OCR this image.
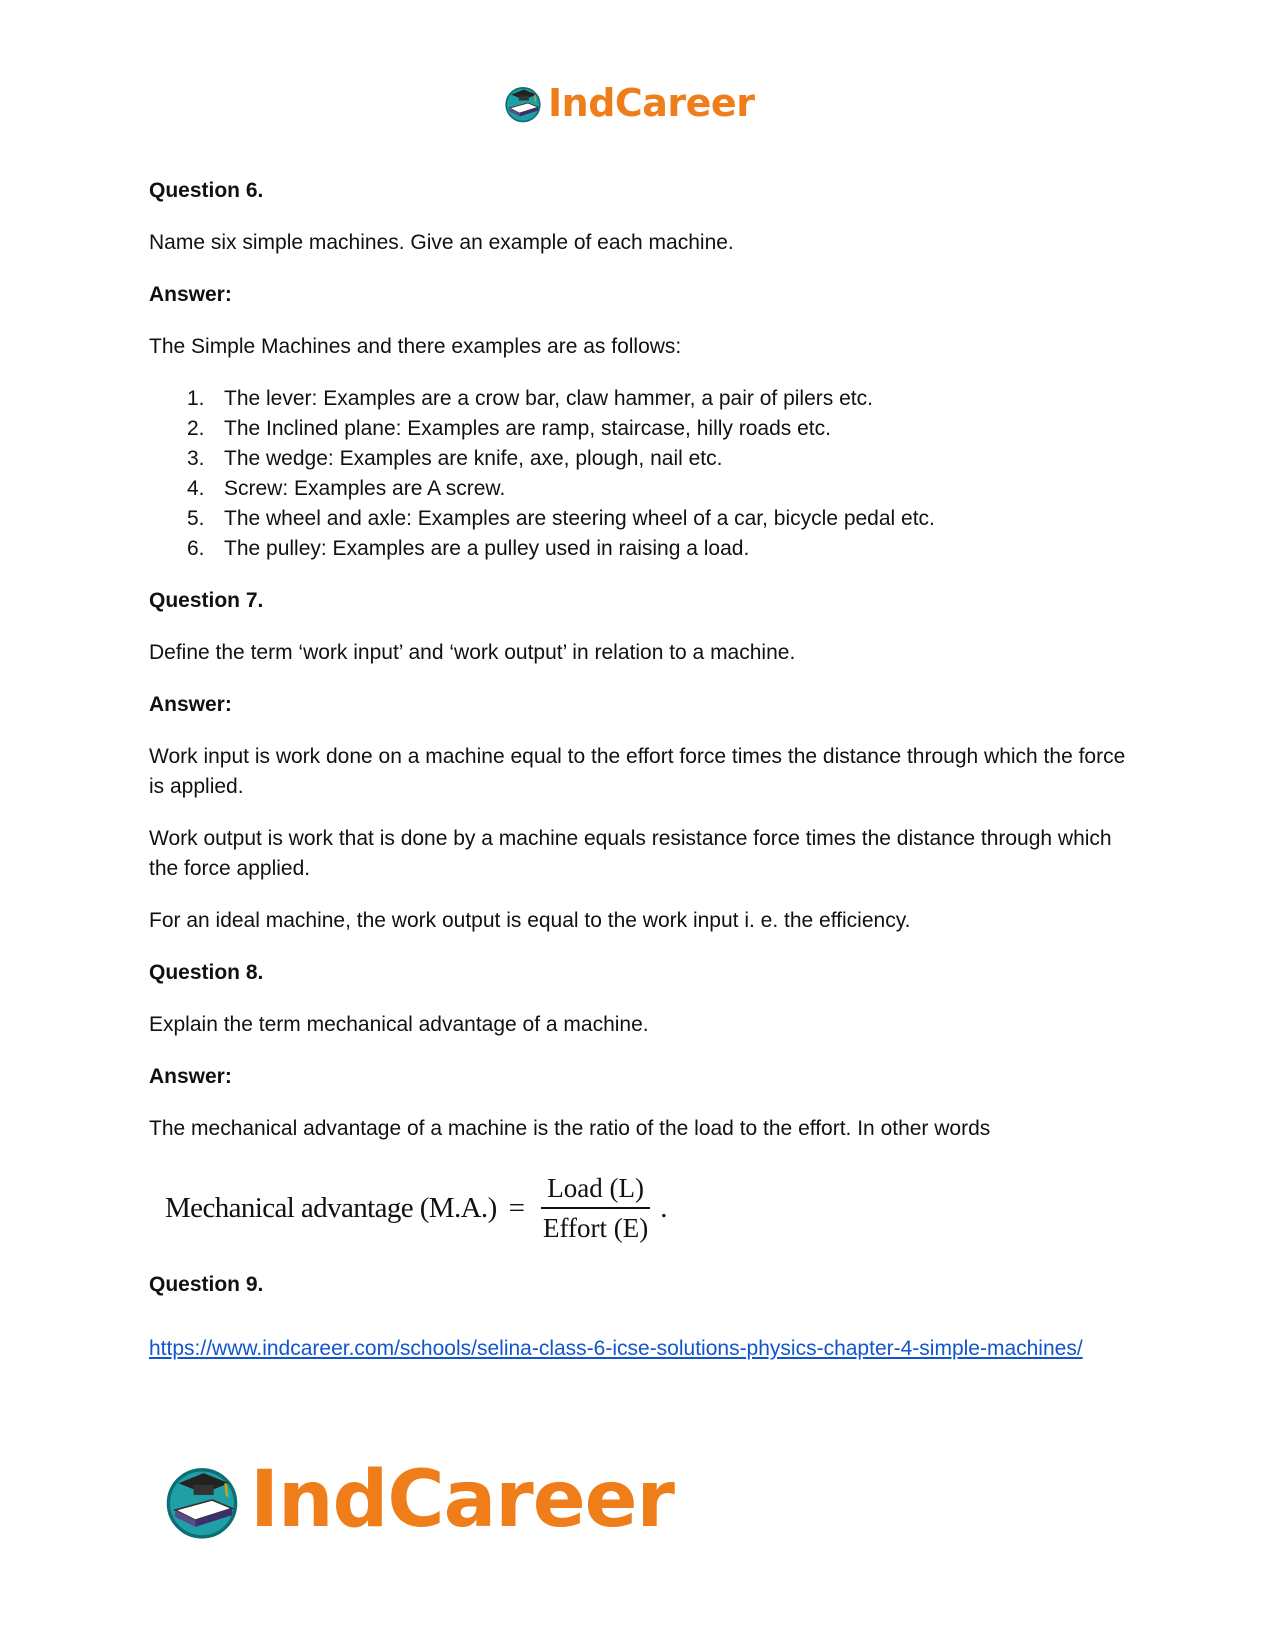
IndCareer

Question 6.

Name six simple machines. Give an example of each machine.

Answer:

The Simple Machines and there examples are as follows:

1. The lever: Examples are a crow bar, claw hammer, a pair of pilers etc.
2. The Inclined plane: Examples are ramp, staircase, hilly roads etc.
3. The wedge: Examples are knife, axe, plough, nail etc.
4. Screw: Examples are A screw.
5. The wheel and axle: Examples are steering wheel of a car, bicycle pedal etc.
6. The pulley: Examples are a pulley used in raising a load.

Question 7.

Define the term ‘work input’ and ‘work output’ in relation to a machine.

Answer:

Work input is work done on a machine equal to the effort force times the distance through which the force is applied.

Work output is work that is done by a machine equals resistance force times the distance through which the force applied.

For an ideal machine, the work output is equal to the work input i. e. the efficiency.

Question 8.

Explain the term mechanical advantage of a machine.

Answer:

The mechanical advantage of a machine is the ratio of the load to the effort. In other words

Mechanical advantage $(M.A.) = \frac{\text{Load (L)}}{\text{Effort (E)}}$ .

Question 9.

https://www.indcareer.com/schools/selina-class-6-icse-solutions-physics-chapter-4-simple-machines/
IndCareer
